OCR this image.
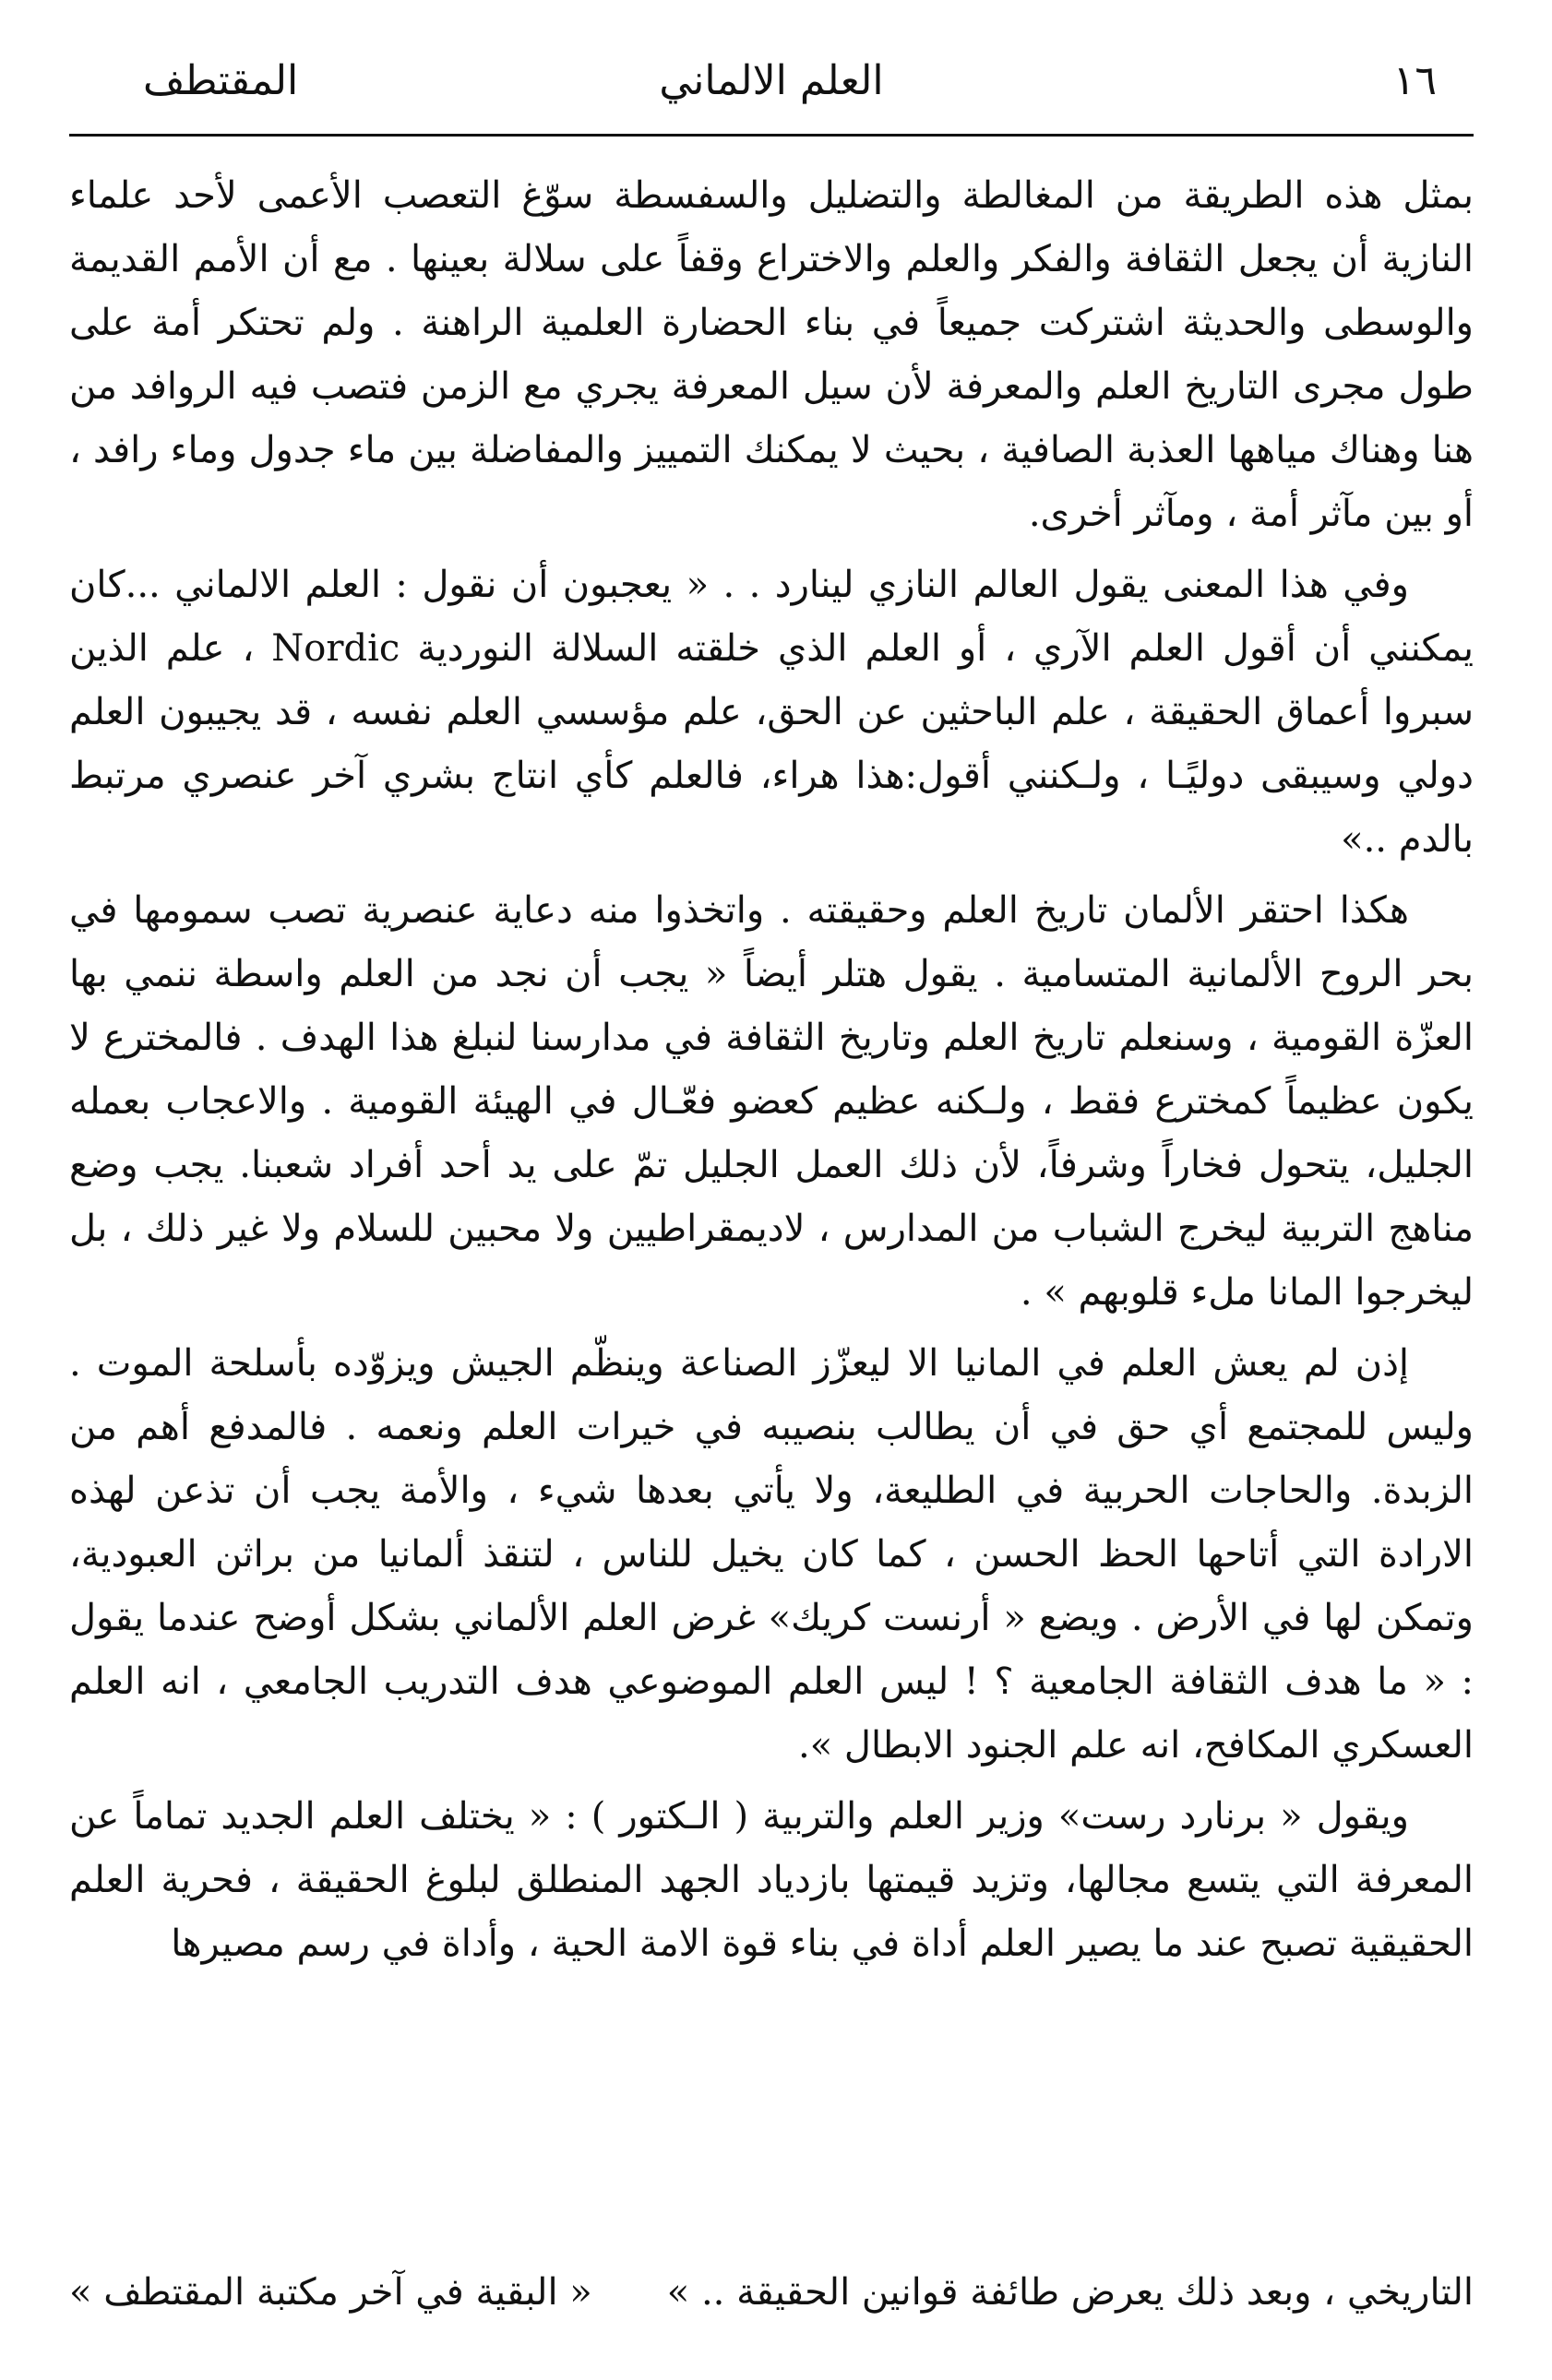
المقتطف	العلم الالماني	١٦

بمثل هذه الطريقة من المغالطة والتضليل والسفسطة سوّغ التعصب الأعمى لأحد علماء النازية أن يجعل الثقافة والفكر والعلم والاختراع وقفاً على سلالة بعينها . مع أن الأمم القديمة والوسطى والحديثة اشتركت جميعاً في بناء الحضارة العلمية الراهنة . ولم تحتكر أمة على طول مجرى التاريخ العلم والمعرفة لأن سيل المعرفة يجري مع الزمن فتصب فيه الروافد من هنا وهناك مياهها العذبة الصافية ، بحيث لا يمكنك التمييز والمفاضلة بين ماء جدول وماء رافد ، أو بين مآثر أمة ، ومآثر أخرى.

وفي هذا المعنى يقول العالم النازي لينارد . . « يعجبون أن نقول : العلم الالماني ...كان يمكنني أن أقول العلم الآري ، أو العلم الذي خلقته السلالة النوردية Nordic ، علم الذين سبروا أعماق الحقيقة ، علم الباحثين عن الحق، علم مؤسسي العلم نفسه ، قد يجيبون العلم دولي وسيبقى دوليًـا ، ولـكنني أقول:هذا هراء، فالعلم كأي انتاج بشري آخر عنصري مرتبط بالدم ..»

هكذا احتقر الألمان تاريخ العلم وحقيقته . واتخذوا منه دعاية عنصرية تصب سمومها في بحر الروح الألمانية المتسامية . يقول هتلر أيضاً « يجب أن نجد من العلم واسطة ننمي بها العزّة القومية ، وسنعلم تاريخ العلم وتاريخ الثقافة في مدارسنا لنبلغ هذا الهدف . فالمخترع لا يكون عظيماً كمخترع فقط ، ولـكنه عظيم كعضو فعّـال في الهيئة القومية . والاعجاب بعمله الجليل، يتحول فخاراً وشرفاً، لأن ذلك العمل الجليل تمّ على يد أحد أفراد شعبنا. يجب وضع مناهج التربية ليخرج الشباب من المدارس ، لاديمقراطيين ولا محبين للسلام ولا غير ذلك ، بل ليخرجوا المانا ملء قلوبهم » .

إذن لم يعش العلم في المانيا الا ليعزّز الصناعة وينظّم الجيش ويزوّده بأسلحة الموت . وليس للمجتمع أي حق في أن يطالب بنصيبه في خيرات العلم ونعمه . فالمدفع أهم من الزبدة. والحاجات الحربية في الطليعة، ولا يأتي بعدها شيء ، والأمة يجب أن تذعن لهذه الارادة التي أتاحها الحظ الحسن ، كما كان يخيل للناس ، لتنقذ ألمانيا من براثن العبودية، وتمكن لها في الأرض . ويضع « أرنست كريك» غرض العلم الألماني بشكل أوضح عندما يقول : « ما هدف الثقافة الجامعية ؟ ! ليس العلم الموضوعي هدف التدريب الجامعي ، انه العلم العسكري المكافح، انه علم الجنود الابطال ».

ويقول « برنارد رست» وزير العلم والتربية ( الـكتور ) : « يختلف العلم الجديد تماماً عن المعرفة التي يتسع مجالها، وتزيد قيمتها بازدياد الجهد المنطلق لبلوغ الحقيقة ، فحرية العلم الحقيقية تصبح عند ما يصير العلم أداة في بناء قوة الامة الحية ، وأداة في رسم مصيرها

التاريخي ، وبعد ذلك يعرض طائفة قوانين الحقيقة .. »
« البقية في آخر مكتبة المقتطف »
